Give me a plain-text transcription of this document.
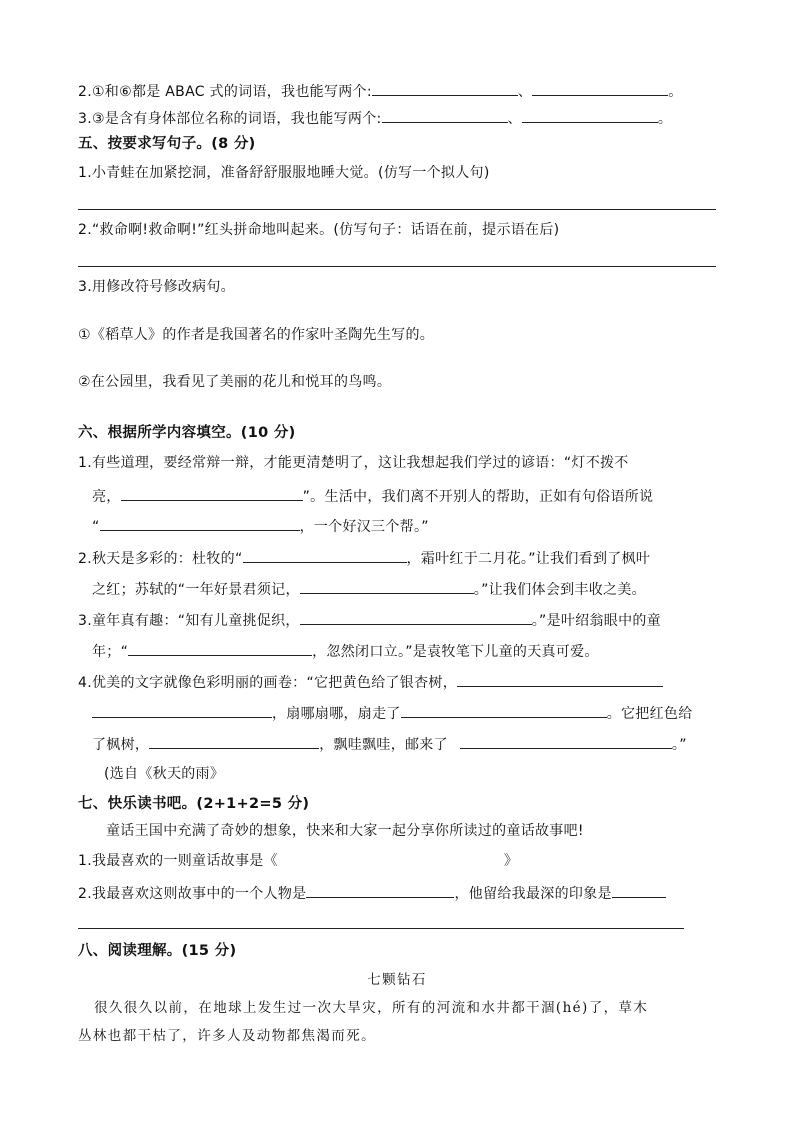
2.①和⑥都是 ABAC 式的词语，我也能写两个:	、	。
3.③是含有身体部位名称的词语，我也能写两个:	、	。
五、按要求写句子。(8 分)
1.小青蛙在加紧挖洞，准备舒舒服服地睡大觉。(仿写一个拟人句)
2.“救命啊!救命啊!”红头拼命地叫起来。(仿写句子：话语在前，提示语在后)
3.用修改符号修改病句。
①《稻草人》的作者是我国著名的作家叶圣陶先生写的。
②在公园里，我看见了美丽的花儿和悦耳的鸟鸣。
六、根据所学内容填空。(10 分)
1.有些道理，要经常辩一辩，才能更清楚明了，这让我想起我们学过的谚语：“灯不拨不
亮，	”。生活中，我们离不开别人的帮助，正如有句俗语所说
“	，一个好汉三个帮。”
2.秋天是多彩的：杜牧的“	，霜叶红于二月花。”让我们看到了枫叶
之红；苏轼的“一年好景君须记，	。”让我们体会到丰收之美。
3.童年真有趣：“知有儿童挑促织，	。”是叶绍翁眼中的童
年；“	，忽然闭口立。”是袁牧笔下儿童的天真可爱。
4.优美的文字就像色彩明丽的画卷：“它把黄色给了银杏树，
，扇哪扇哪，扇走了	。它把红色给
了枫树，	，飘哇飘哇，邮来了	。”
(选自《秋天的雨》
七、快乐读书吧。(2+1+2=5 分)
童话王国中充满了奇妙的想象，快来和大家一起分享你所读过的童话故事吧!
1.我最喜欢的一则童话故事是《	》
2.我最喜欢这则故事中的一个人物是	，他留给我最深的印象是
八、阅读理解。(15 分)
七颗钻石
很久很久以前，在地球上发生过一次大旱灾，所有的河流和水井都干涸(hé)了，草木
丛林也都干枯了，许多人及动物都焦渴而死。
